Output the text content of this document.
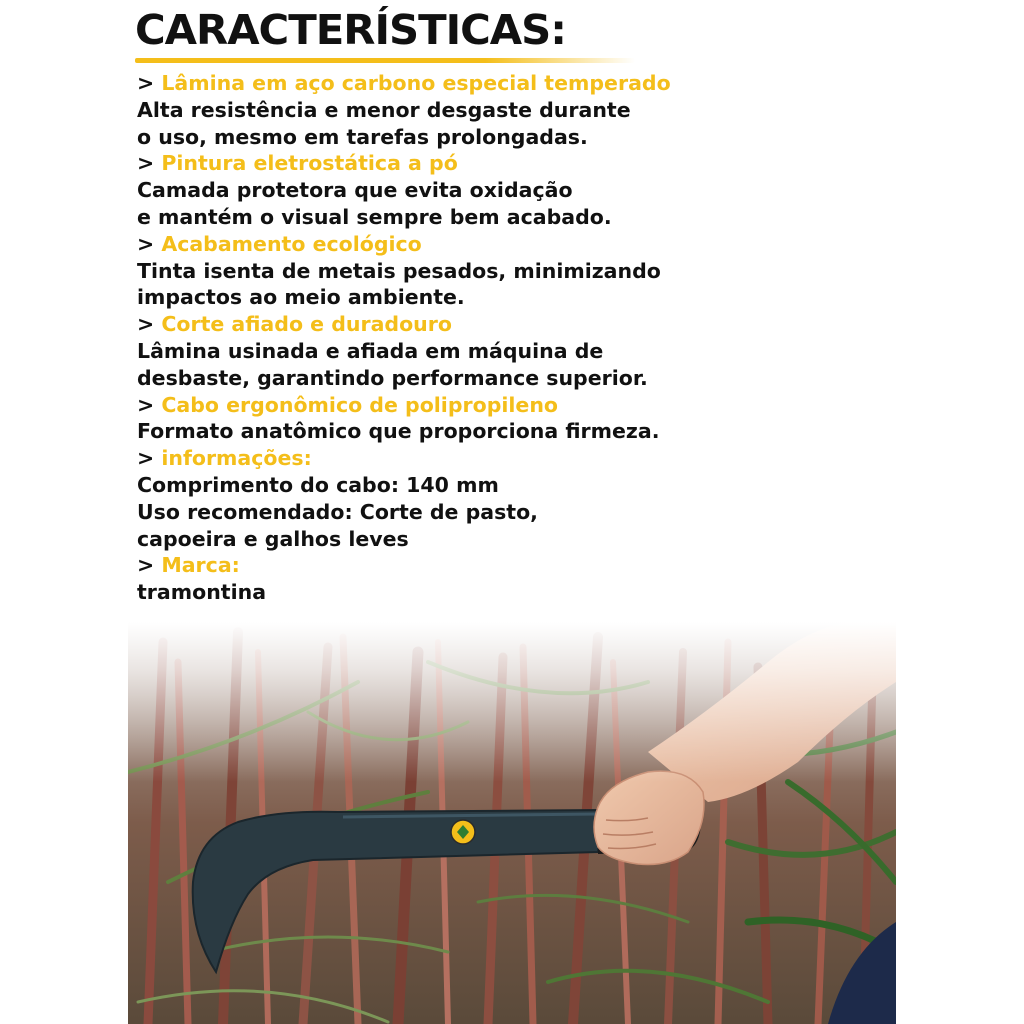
CARACTERÍSTICAS:
> Lâmina em aço carbono especial temperado
Alta resistência e menor desgaste durante
o uso, mesmo em tarefas prolongadas.
> Pintura eletrostática a pó
Camada protetora que evita oxidação
e mantém o visual sempre bem acabado.
> Acabamento ecológico
Tinta isenta de metais pesados, minimizando
impactos ao meio ambiente.
> Corte afiado e duradouro
Lâmina usinada e afiada em máquina de
desbaste, garantindo performance superior.
> Cabo ergonômico de polipropileno
Formato anatômico que proporciona firmeza.
> informações:
Comprimento do cabo: 140 mm
Uso recomendado: Corte de pasto,
capoeira e galhos leves
> Marca:
tramontina
